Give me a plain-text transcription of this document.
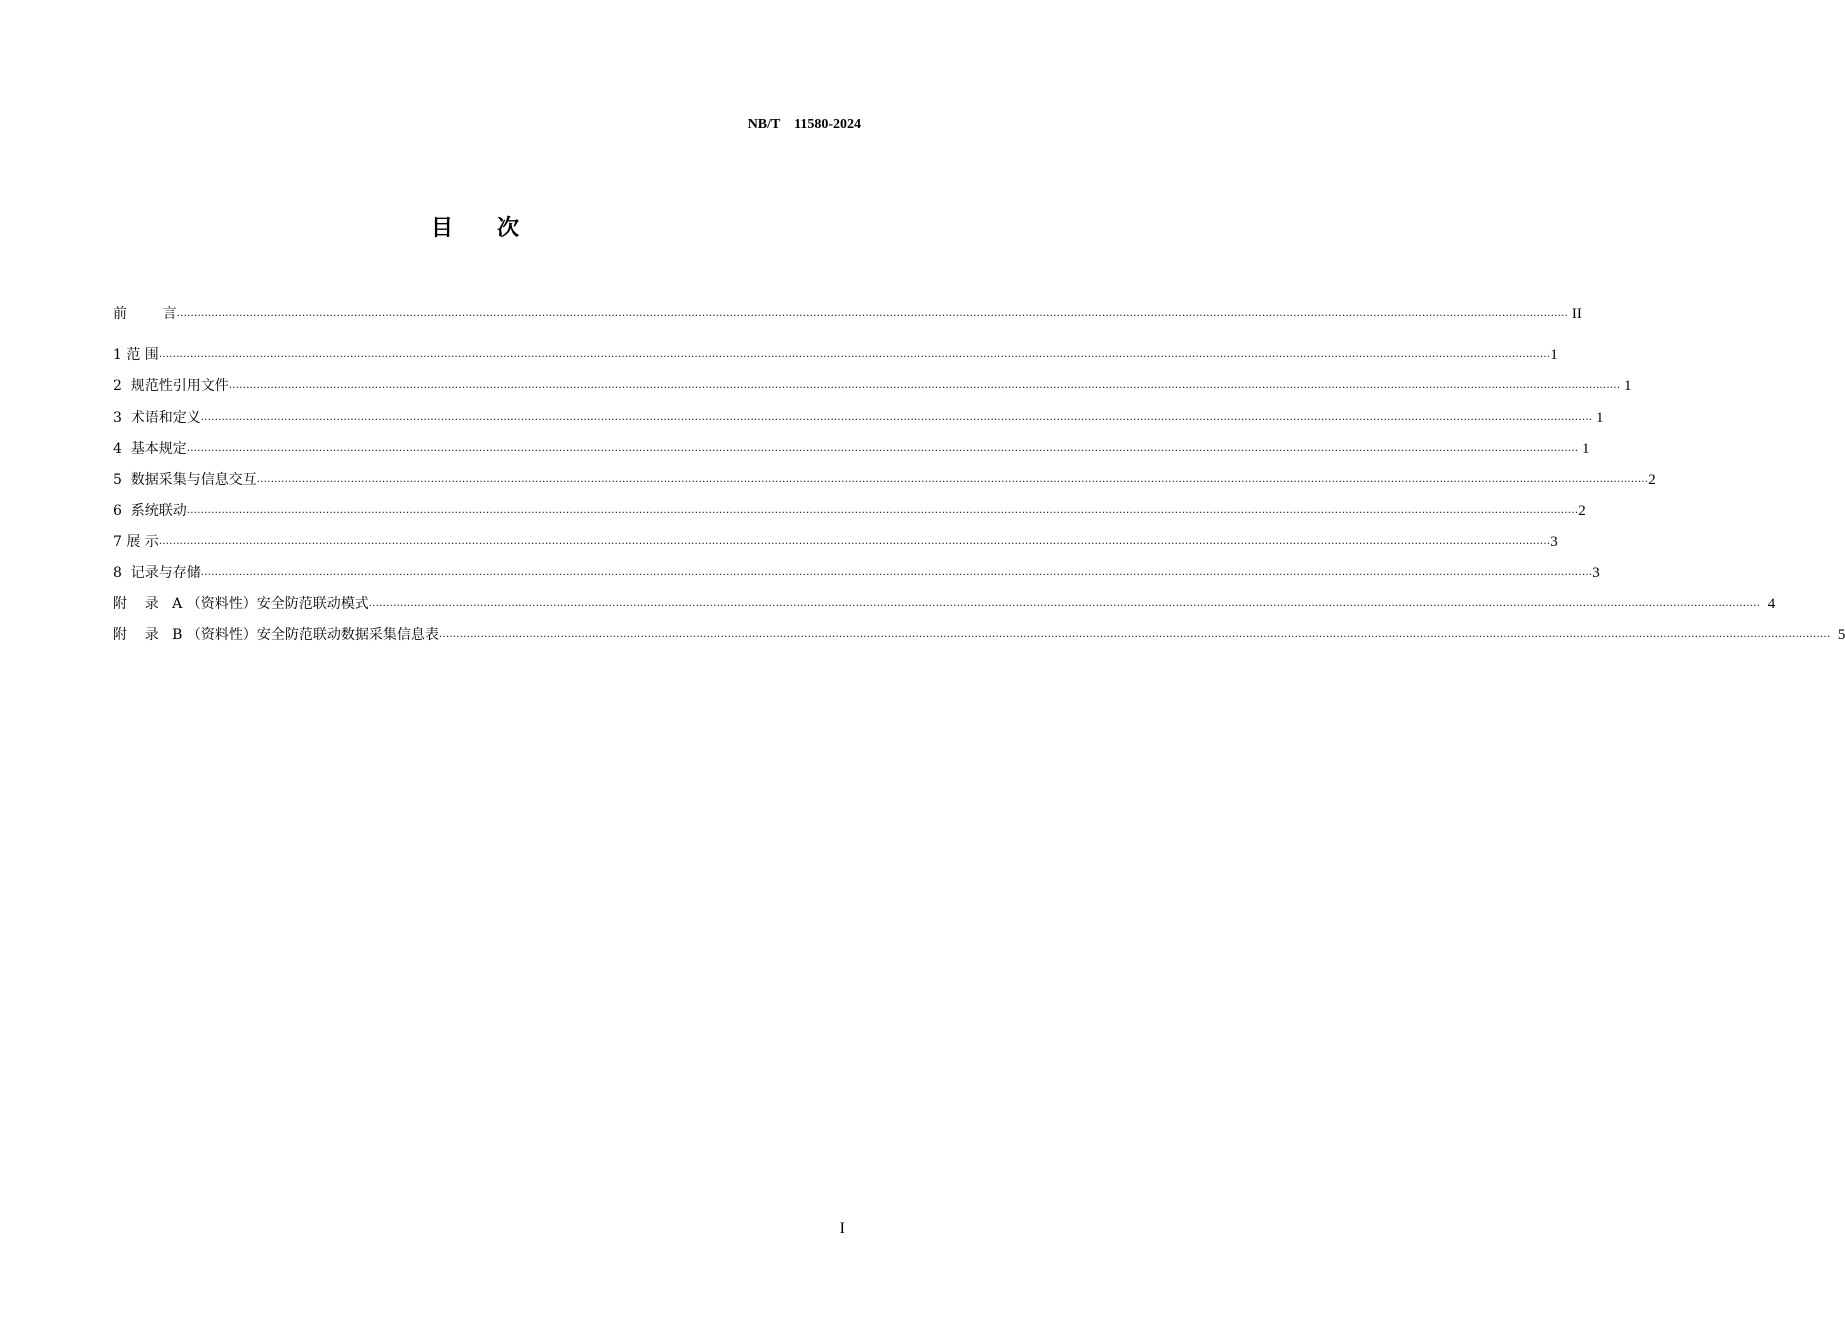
NB/T    11580-2024
目次
前        言 ................................................................................................................................................................................................................................................................................................................................................................................................................ II
1 范 围 ................................................................................................................................................................................................................................................................................................................................................................................................................ 1
2  规范性引用文件 ................................................................................................................................................................................................................................................................................................................................................................................................................ 1
3  术语和定义 ................................................................................................................................................................................................................................................................................................................................................................................................................ 1
4  基本规定 ................................................................................................................................................................................................................................................................................................................................................................................................................ 1
5  数据采集与信息交互 ................................................................................................................................................................................................................................................................................................................................................................................................................ 2
6  系统联动 ................................................................................................................................................................................................................................................................................................................................................................................................................ 2
7 展 示 ................................................................................................................................................................................................................................................................................................................................................................................................................ 3
8  记录与存储 ................................................................................................................................................................................................................................................................................................................................................................................................................ 3
附    录   A （资料性）安全防范联动模式 ................................................................................................................................................................................................................................................................................................................................................................................................................ 4
附    录   B （资料性）安全防范联动数据采集信息表 ................................................................................................................................................................................................................................................................................................................................................................................................................ 5
I
